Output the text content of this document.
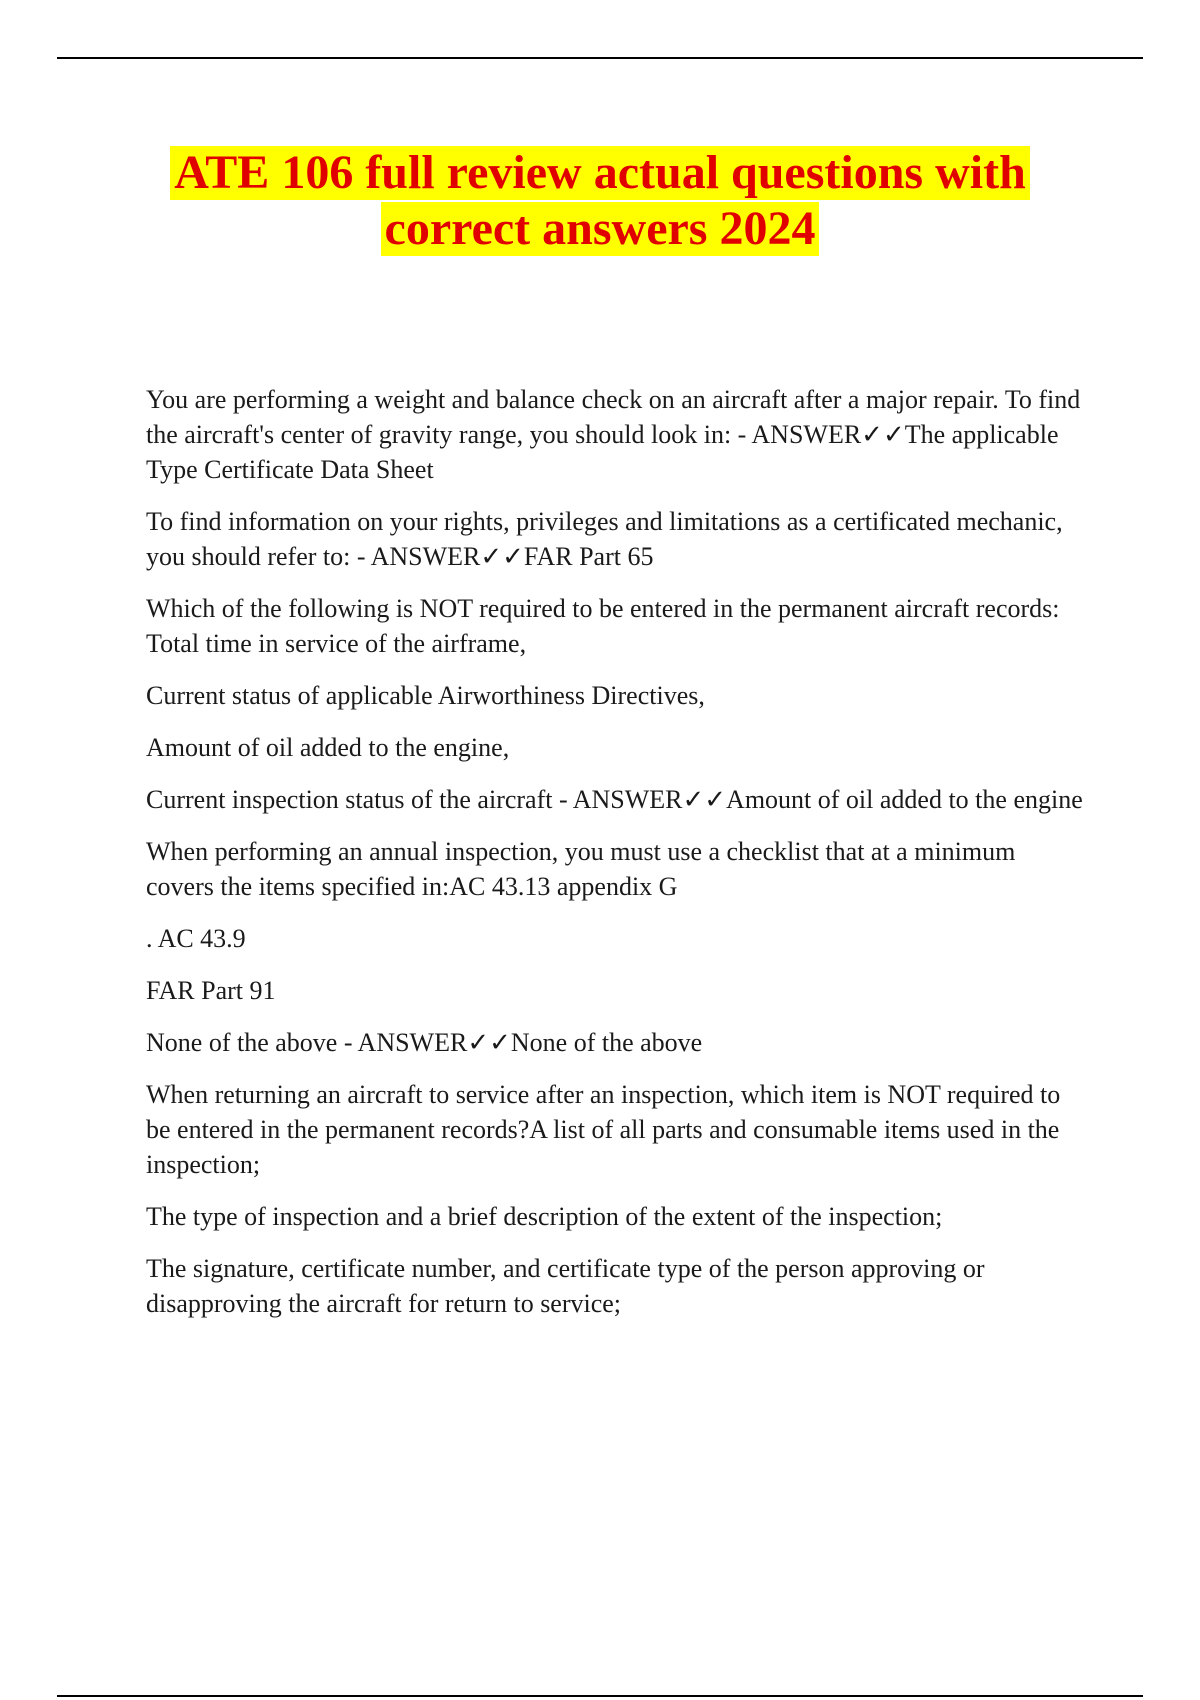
ATE 106 full review actual questions with
correct answers 2024

You are performing a weight and balance check on an aircraft after a major repair. To find the aircraft's center of gravity range, you should look in: - ANSWER✓✓The applicable Type Certificate Data Sheet

To find information on your rights, privileges and limitations as a certificated mechanic, you should refer to: - ANSWER✓✓FAR Part 65

Which of the following is NOT required to be entered in the permanent aircraft records: Total time in service of the airframe,

Current status of applicable Airworthiness Directives,

Amount of oil added to the engine,

Current inspection status of the aircraft - ANSWER✓✓Amount of oil added to the engine

When performing an annual inspection, you must use a checklist that at a minimum covers the items specified in:AC 43.13 appendix G

. AC 43.9

FAR Part 91

None of the above - ANSWER✓✓None of the above

When returning an aircraft to service after an inspection, which item is NOT required to be entered in the permanent records?A list of all parts and consumable items used in the inspection;

The type of inspection and a brief description of the extent of the inspection;

The signature, certificate number, and certificate type of the person approving or disapproving the aircraft for return to service;
